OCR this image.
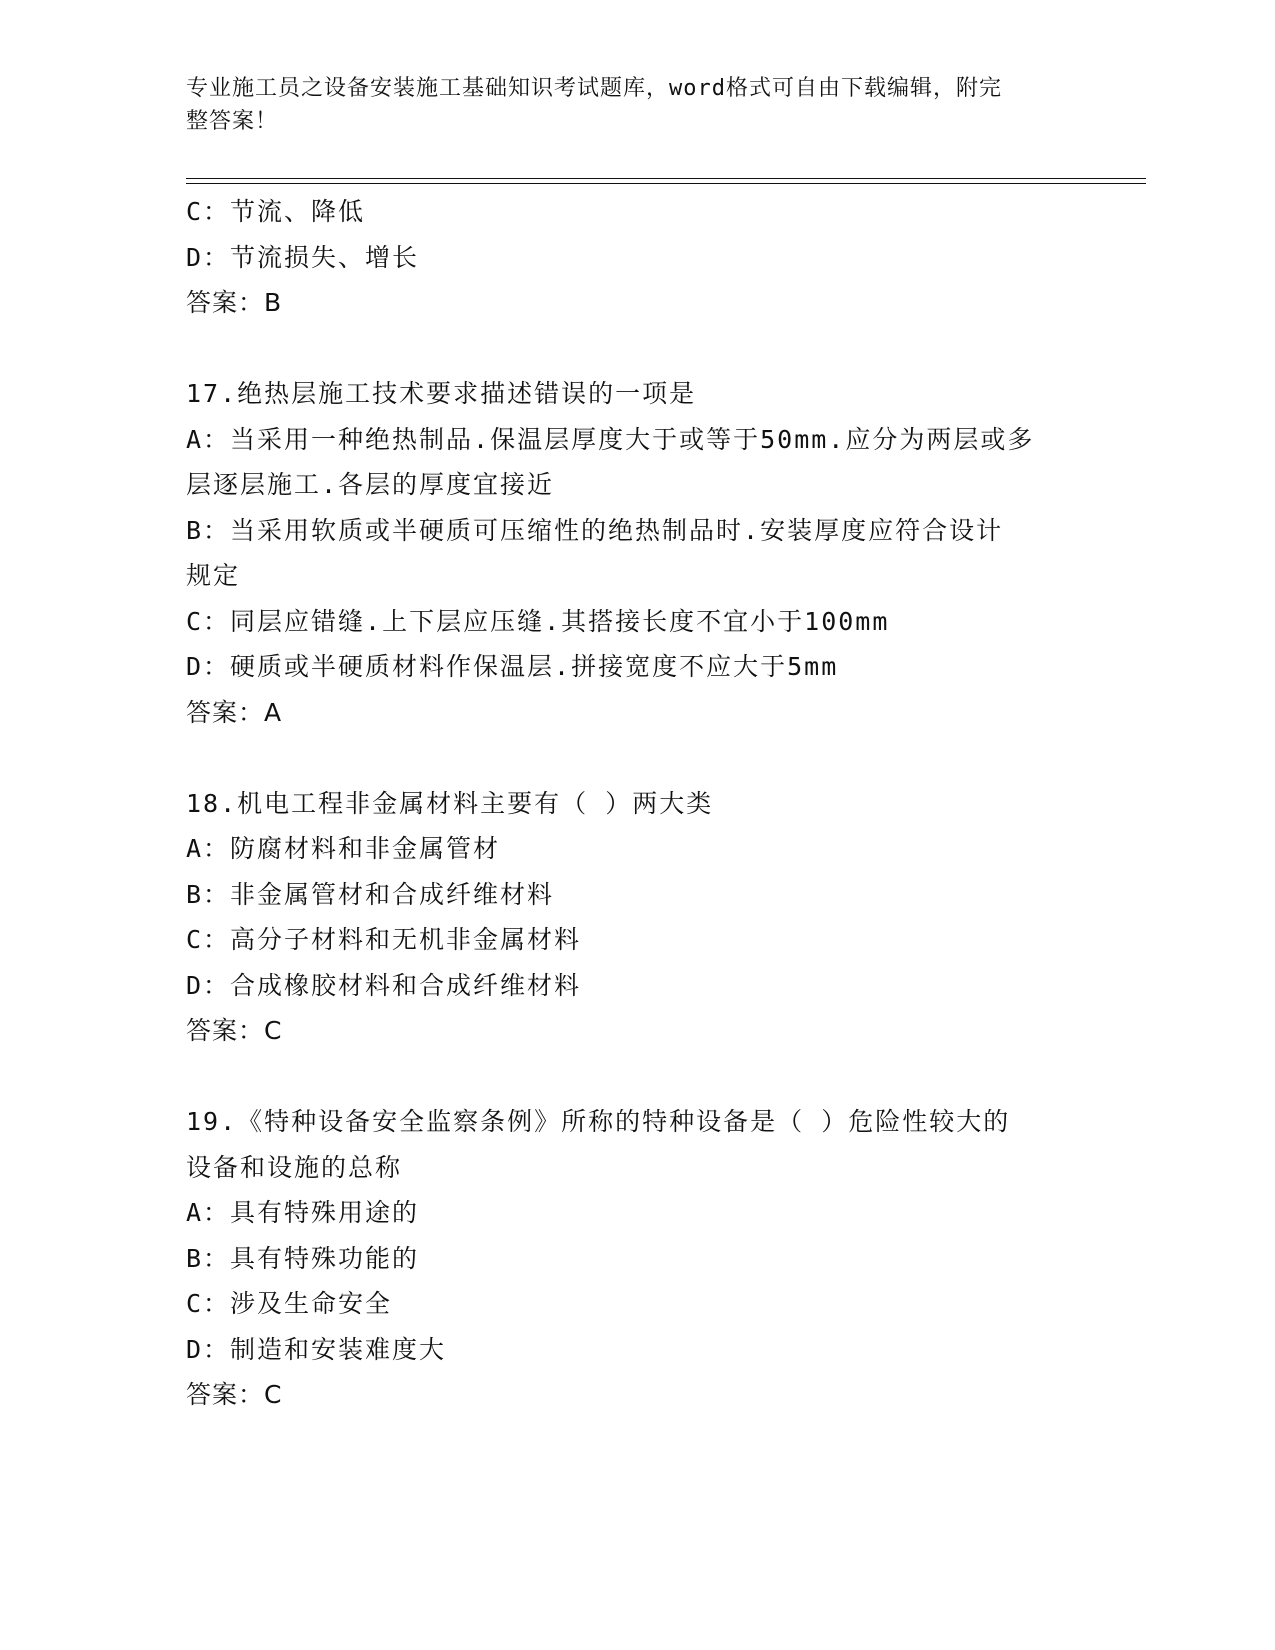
专业施工员之设备安装施工基础知识考试题库，word格式可自由下载编辑，附完
整答案！
C：节流、降低
D：节流损失、增长
答案：B
17.绝热层施工技术要求描述错误的一项是
A：当采用一种绝热制品.保温层厚度大于或等于50mm.应分为两层或多
层逐层施工.各层的厚度宜接近
B：当采用软质或半硬质可压缩性的绝热制品时.安装厚度应符合设计
规定
C：同层应错缝.上下层应压缝.其搭接长度不宜小于100mm
D：硬质或半硬质材料作保温层.拼接宽度不应大于5mm
答案：A
18.机电工程非金属材料主要有（ ）两大类
A：防腐材料和非金属管材
B：非金属管材和合成纤维材料
C：高分子材料和无机非金属材料
D：合成橡胶材料和合成纤维材料
答案：C
19.《特种设备安全监察条例》所称的特种设备是（ ）危险性较大的
设备和设施的总称
A：具有特殊用途的
B：具有特殊功能的
C：涉及生命安全
D：制造和安装难度大
答案：C
